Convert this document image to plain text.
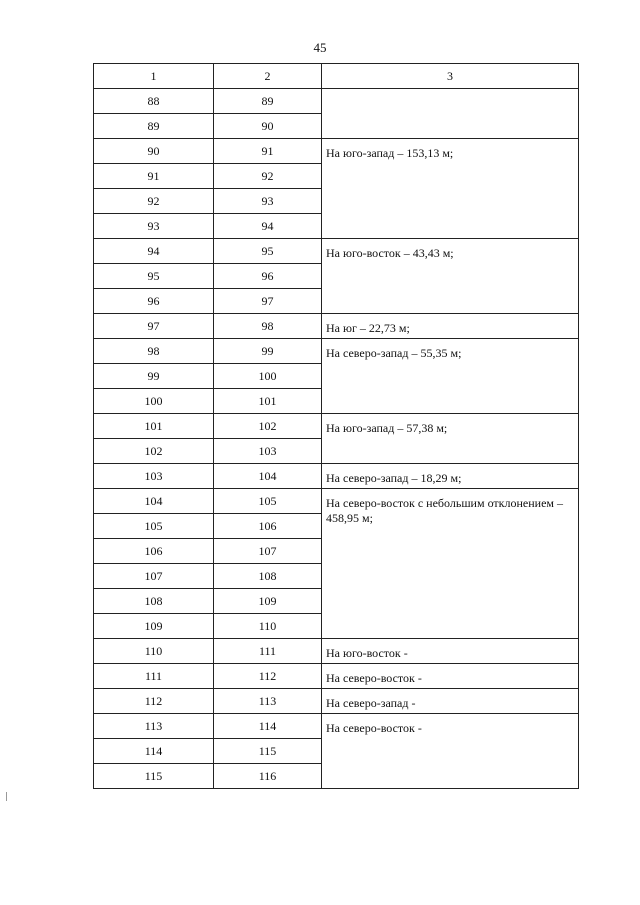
45
1	2	3
88	89	
89	90	
90	91	На юго-запад – 153,13 м;
91	92	
92	93	
93	94	
94	95	На юго-восток – 43,43 м;
95	96	
96	97	
97	98	На юг – 22,73 м;
98	99	На северо-запад – 55,35 м;
99	100	
100	101	
101	102	На юго-запад – 57,38 м;
102	103	
103	104	На северо-запад – 18,29 м;
104	105	На северо-восток с небольшим отклонением – 458,95 м;
105	106	
106	107	
107	108	
108	109	
109	110	
110	111	На юго-восток -
111	112	На северо-восток -
112	113	На северо-запад -
113	114	На северо-восток -
114	115	
115	116	
